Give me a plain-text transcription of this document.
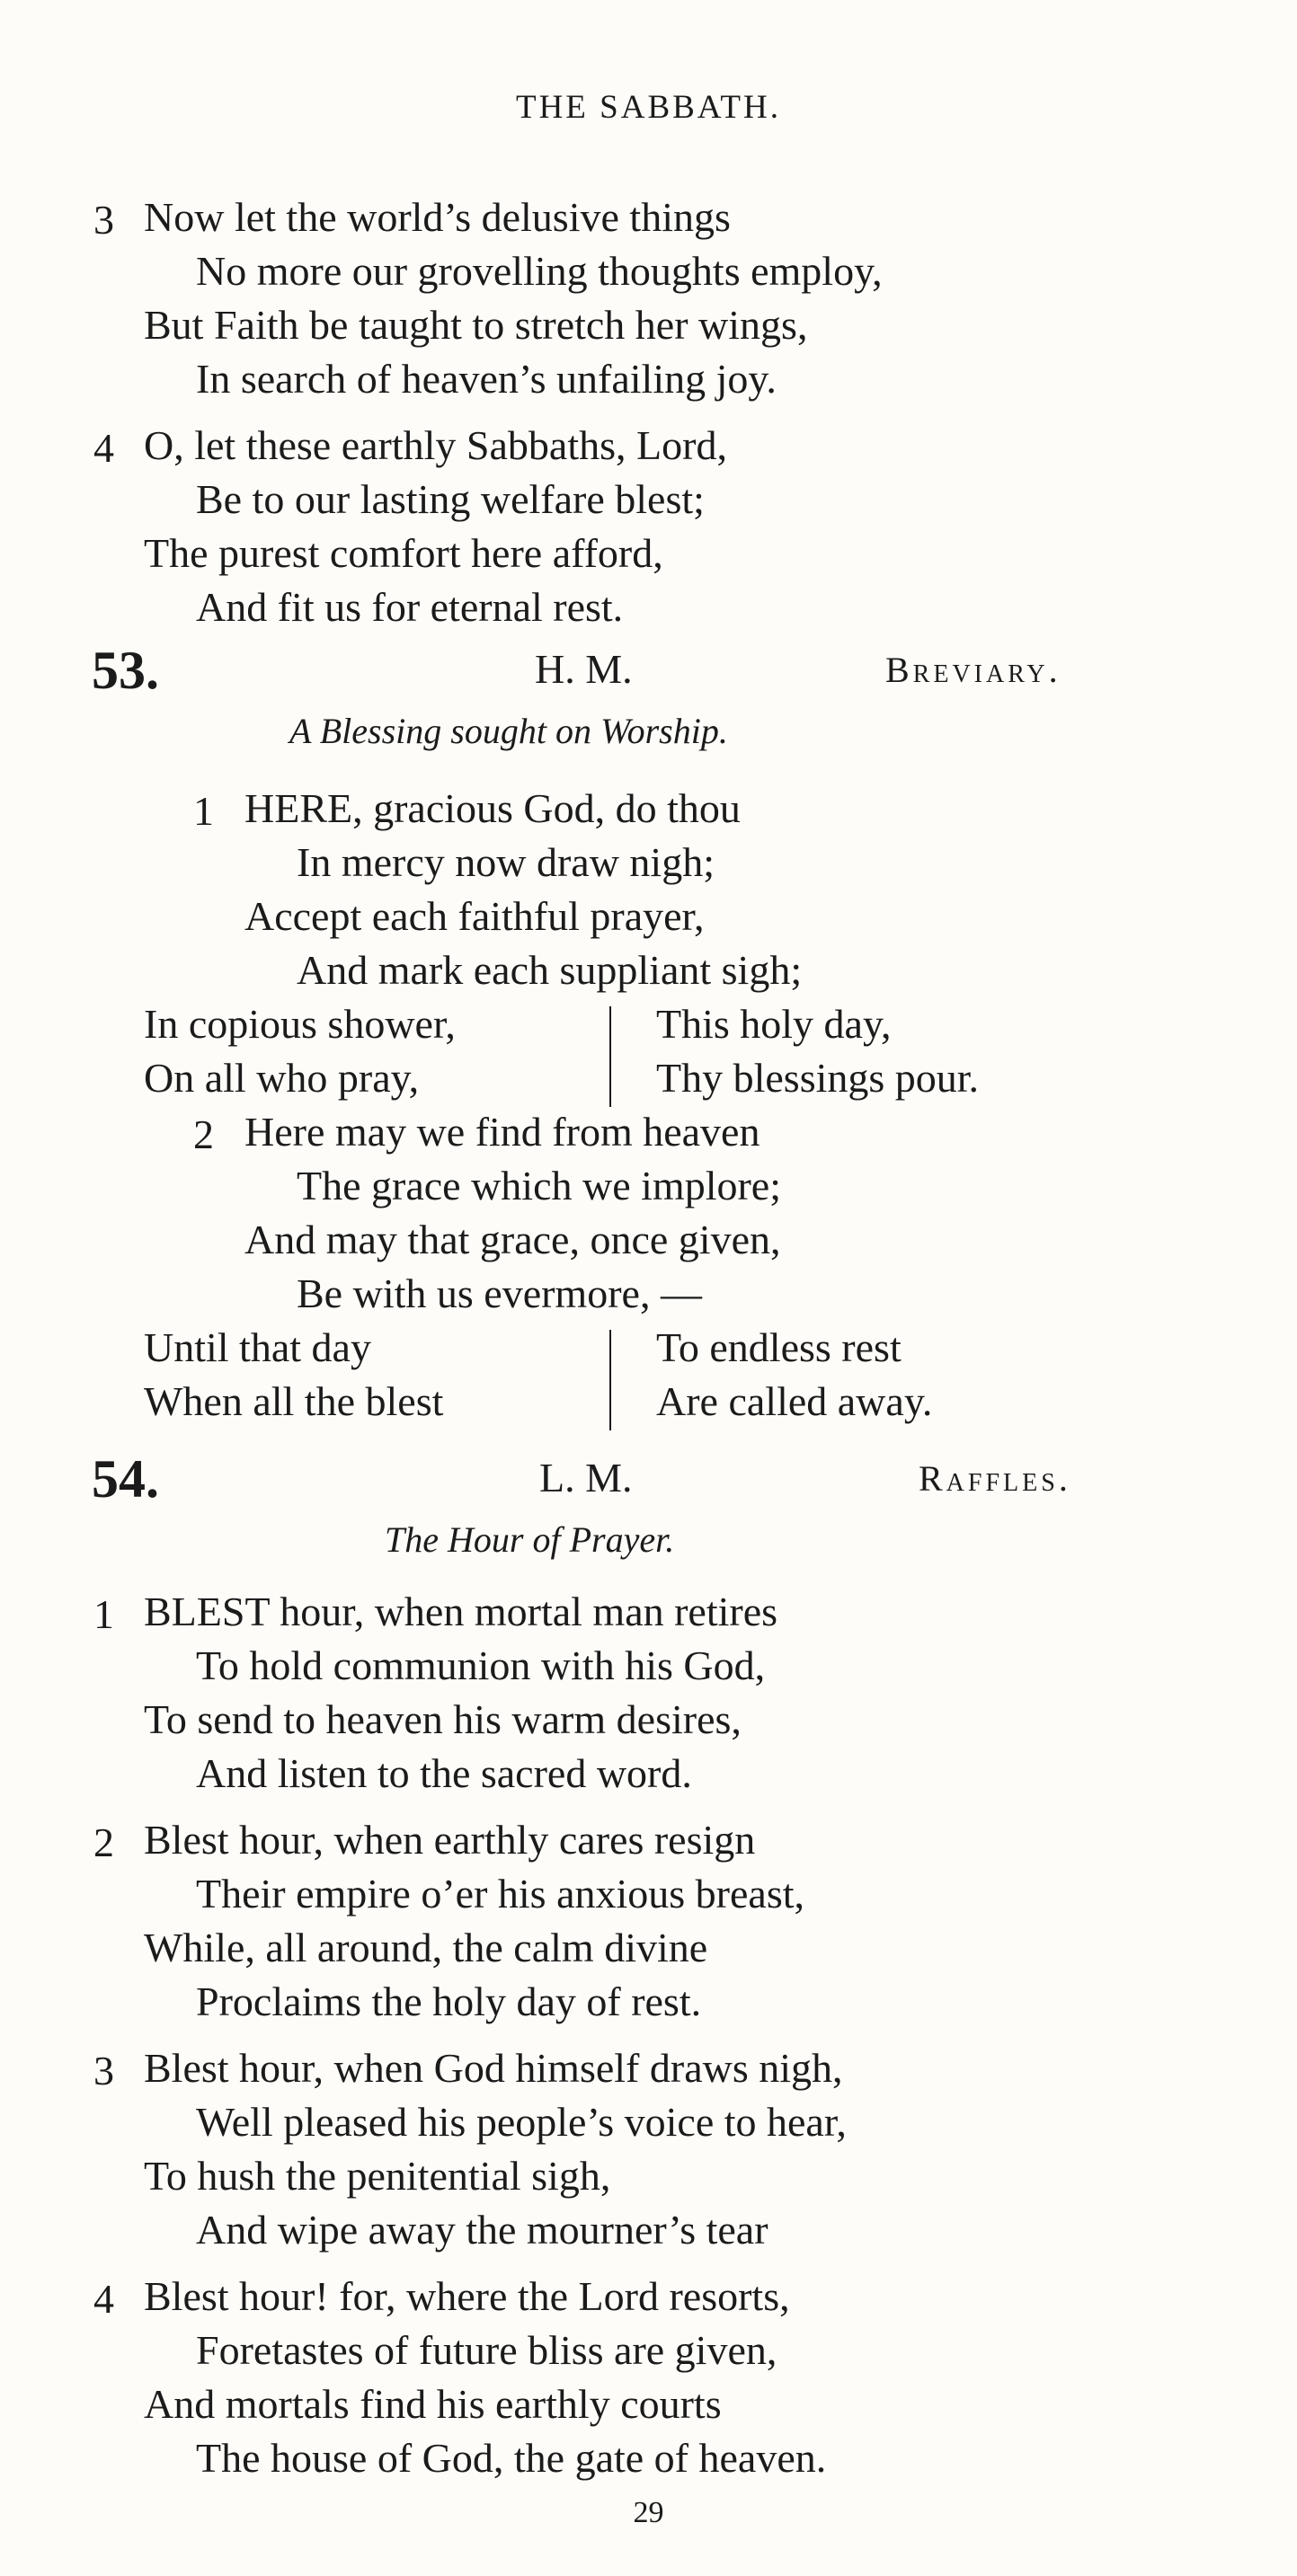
THE SABBATH.
3 Now let the world’s delusive things
No more our grovelling thoughts employ,
But Faith be taught to stretch her wings,
In search of heaven’s unfailing joy.
4 O, let these earthly Sabbaths, Lord,
Be to our lasting welfare blest;
The purest comfort here afford,
And fit us for eternal rest.
53.	H. M.	Breviary.
A Blessing sought on Worship.
1 HERE, gracious God, do thou
In mercy now draw nigh;
Accept each faithful prayer,
And mark each suppliant sigh;
In copious shower,
On all who pray,
This holy day,
Thy blessings pour.
2 Here may we find from heaven
The grace which we implore;
And may that grace, once given,
Be with us evermore, —
Until that day
When all the blest
To endless rest
Are called away.
54.	L. M.	Raffles.
The Hour of Prayer.
1 BLEST hour, when mortal man retires
To hold communion with his God,
To send to heaven his warm desires,
And listen to the sacred word.
2 Blest hour, when earthly cares resign
Their empire o’er his anxious breast,
While, all around, the calm divine
Proclaims the holy day of rest.
3 Blest hour, when God himself draws nigh,
Well pleased his people’s voice to hear,
To hush the penitential sigh,
And wipe away the mourner’s tear
4 Blest hour! for, where the Lord resorts,
Foretastes of future bliss are given,
And mortals find his earthly courts
The house of God, the gate of heaven.
29
